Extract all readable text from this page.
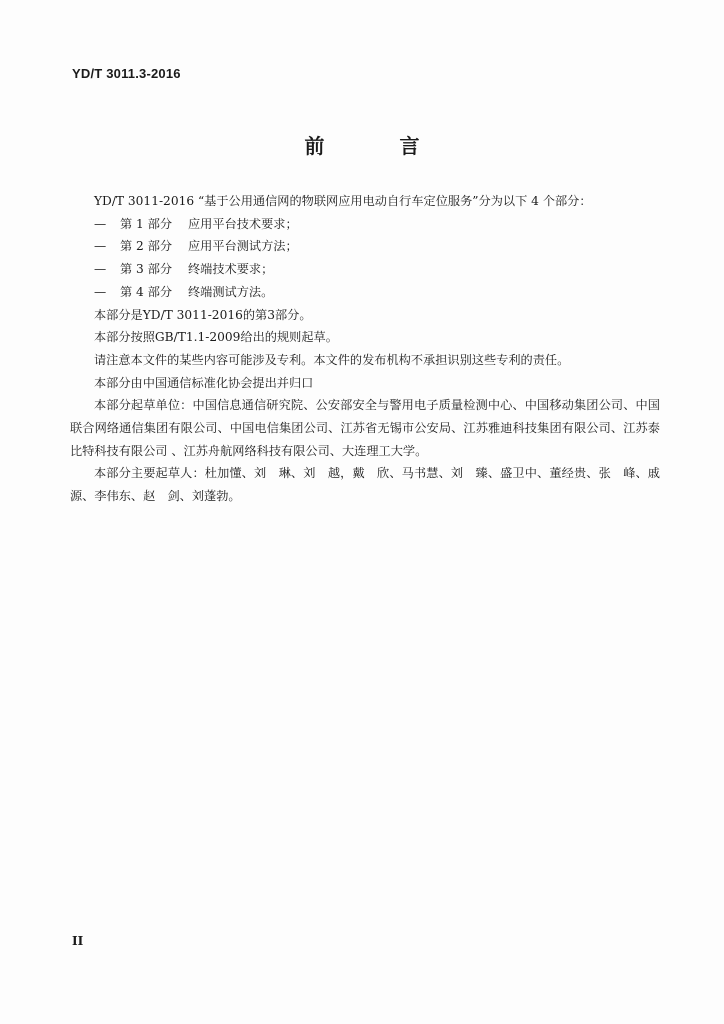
YD/T 3011.3-2016
前 言

YD/T 3011-2016 “基于公用通信网的物联网应用电动自行车定位服务”分为以下 4 个部分：

— 第 1 部分 应用平台技术要求；

— 第 2 部分 应用平台测试方法；

— 第 3 部分 终端技术要求；

— 第 4 部分 终端测试方法。

本部分是YD/T 3011-2016的第3部分。

本部分按照GB/T1.1-2009给出的规则起草。

请注意本文件的某些内容可能涉及专利。本文件的发布机构不承担识别这些专利的责任。

本部分由中国通信标准化协会提出并归口

本部分起草单位：中国信息通信研究院、公安部安全与警用电子质量检测中心、中国移动集团公司、中国联合网络通信集团有限公司、中国电信集团公司、江苏省无锡市公安局、江苏雅迪科技集团有限公司、江苏泰比特科技有限公司 、江苏舟航网络科技有限公司、大连理工大学。

本部分主要起草人：杜加懂、刘　琳、刘　越，戴　欣、马书慧、刘　臻、盛卫中、董经贵、张　峰、戚　源、李伟东、赵　剑、刘蓬勃。

II
